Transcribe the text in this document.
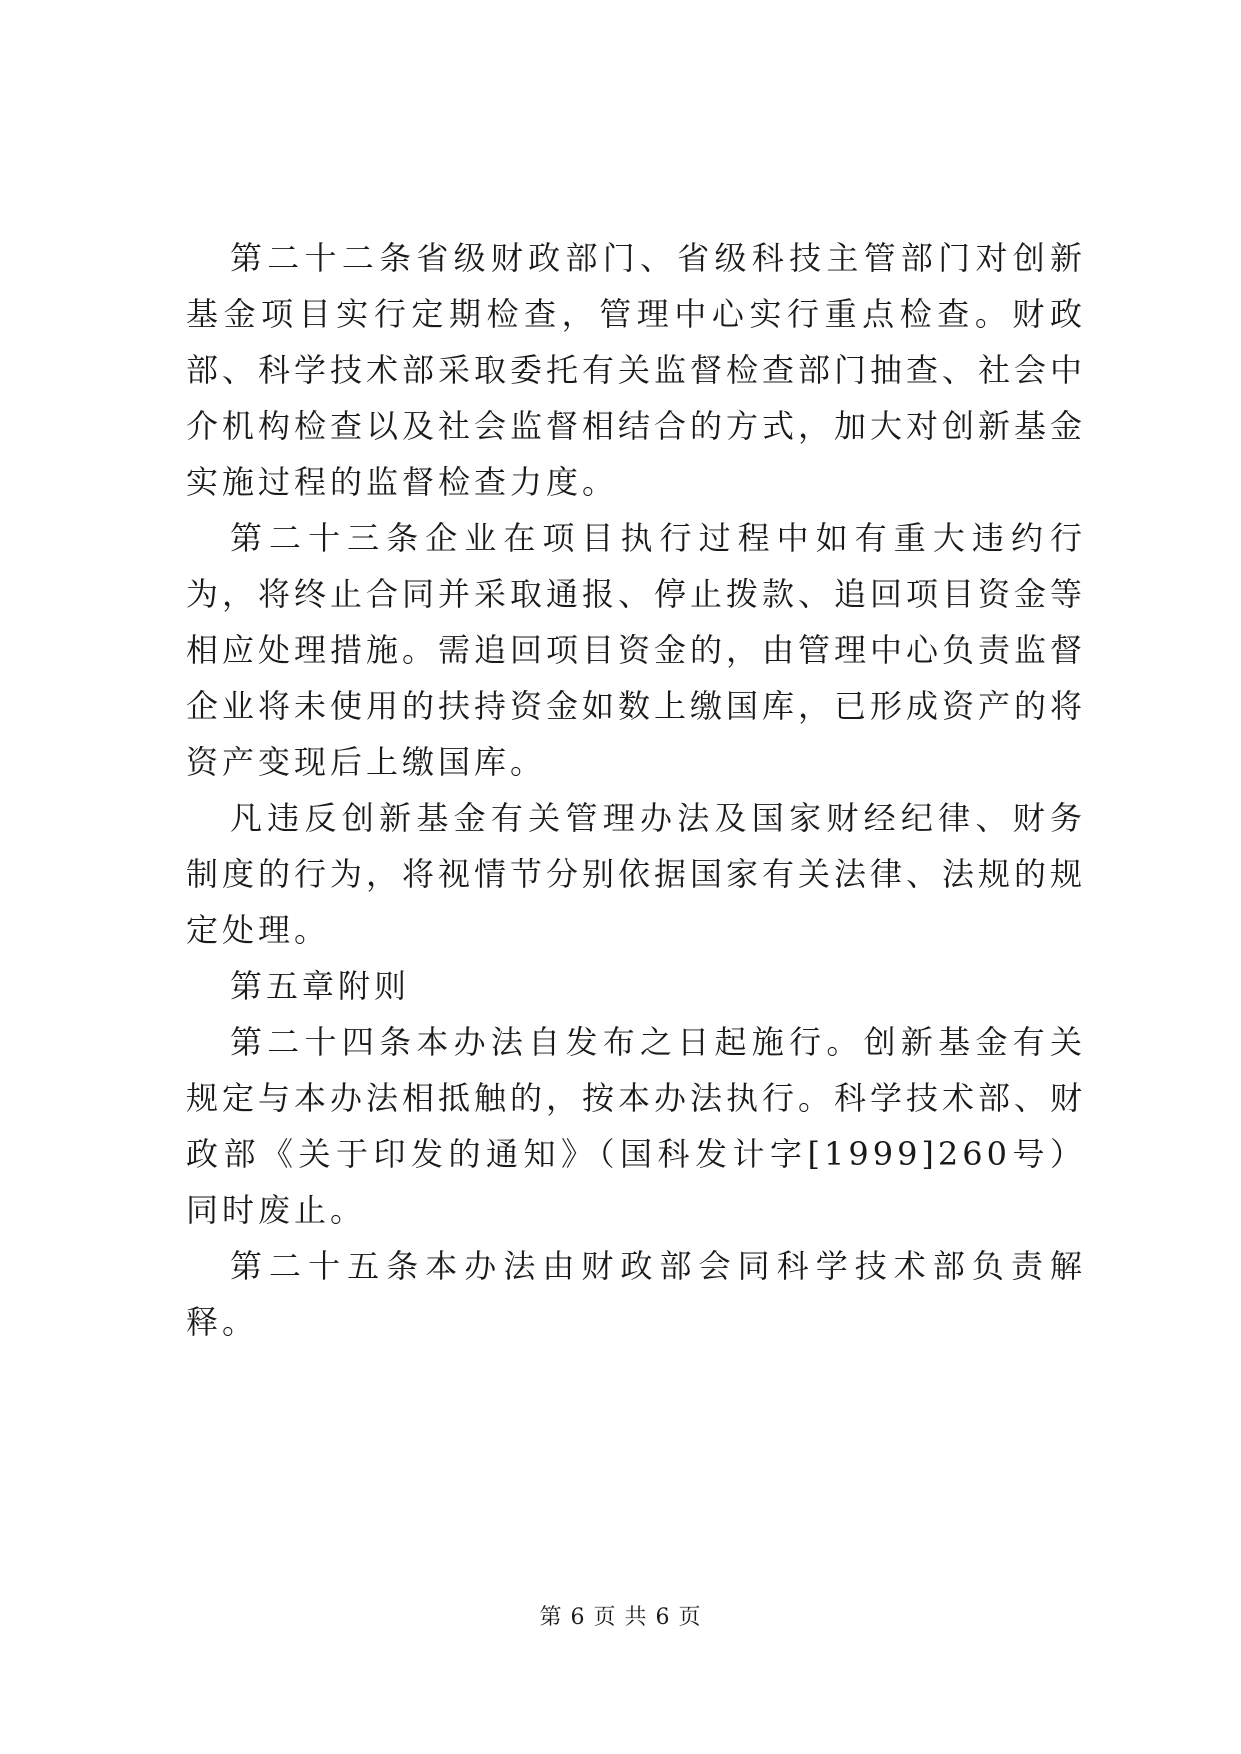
第二十二条省级财政部门、省级科技主管部门对创新基金项目实行定期检查，管理中心实行重点检查。财政部、科学技术部采取委托有关监督检查部门抽查、社会中介机构检查以及社会监督相结合的方式，加大对创新基金实施过程的监督检查力度。

第二十三条企业在项目执行过程中如有重大违约行为，将终止合同并采取通报、停止拨款、追回项目资金等相应处理措施。需追回项目资金的，由管理中心负责监督企业将未使用的扶持资金如数上缴国库，已形成资产的将资产变现后上缴国库。

凡违反创新基金有关管理办法及国家财经纪律、财务制度的行为，将视情节分别依据国家有关法律、法规的规定处理。

第五章附则

第二十四条本办法自发布之日起施行。创新基金有关规定与本办法相抵触的，按本办法执行。科学技术部、财政部《关于印发的通知》（国科发计字[1999]260号）同时废止。

第二十五条本办法由财政部会同科学技术部负责解释。

第 6 页 共 6 页
